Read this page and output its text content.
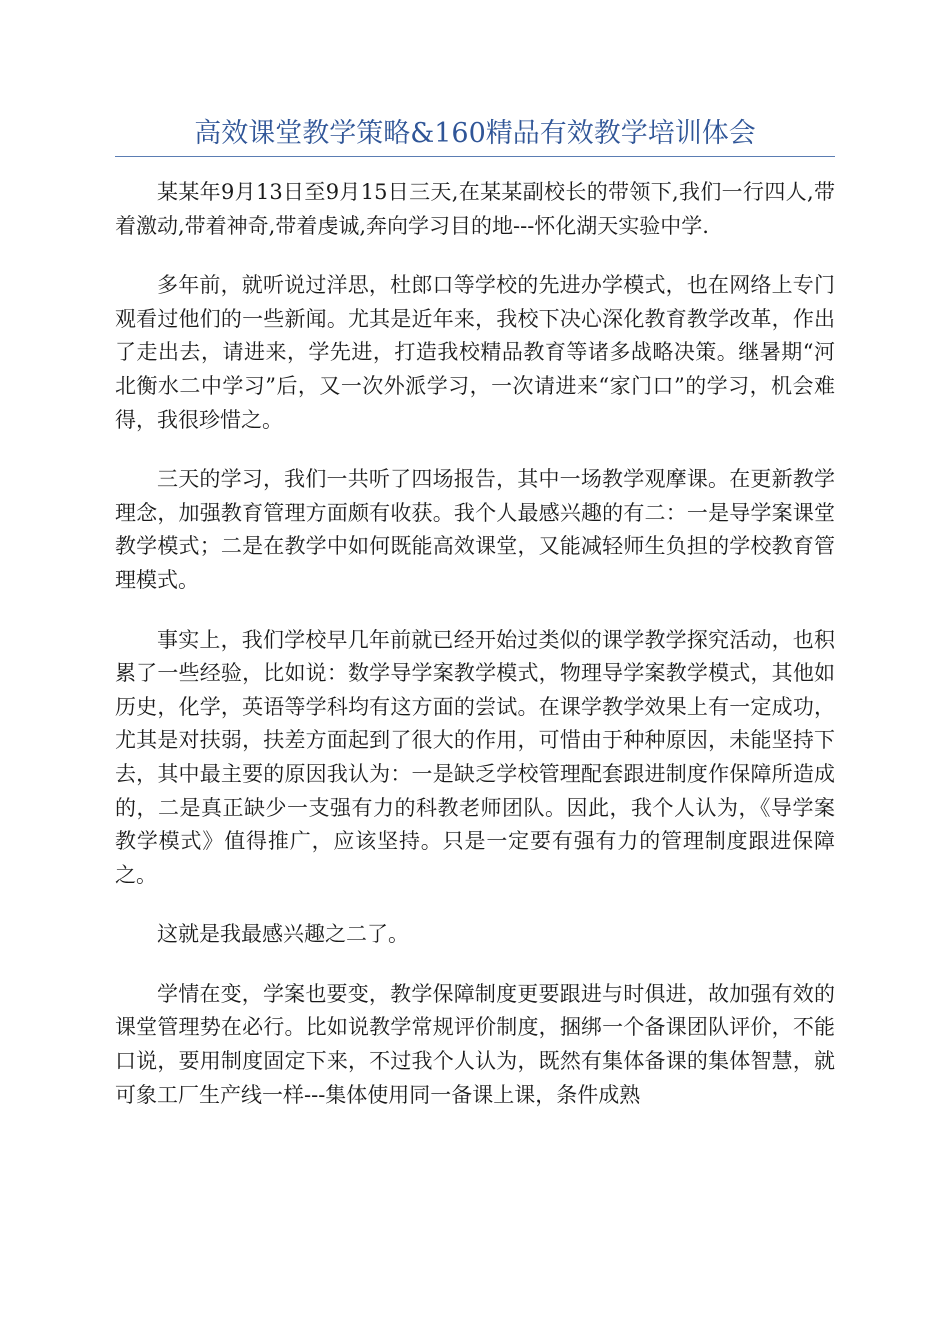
高效课堂教学策略&160精品有效教学培训体会

某某年9月13日至9月15日三天,在某某副校长的带领下,我们一行四人,带着激动,带着神奇,带着虔诚,奔向学习目的地---怀化湖天实验中学.

多年前，就听说过洋思，杜郎口等学校的先进办学模式，也在网络上专门观看过他们的一些新闻。尤其是近年来，我校下决心深化教育教学改革，作出了走出去，请进来，学先进，打造我校精品教育等诸多战略决策。继暑期“河北衡水二中学习”后，又一次外派学习，一次请进来“家门口”的学习，机会难得，我很珍惜之。

三天的学习，我们一共听了四场报告，其中一场教学观摩课。在更新教学理念，加强教育管理方面颇有收获。我个人最感兴趣的有二：一是导学案课堂教学模式；二是在教学中如何既能高效课堂，又能减轻师生负担的学校教育管理模式。

事实上，我们学校早几年前就已经开始过类似的课学教学探究活动，也积累了一些经验，比如说：数学导学案教学模式，物理导学案教学模式，其他如历史，化学，英语等学科均有这方面的尝试。在课学教学效果上有一定成功，尤其是对扶弱，扶差方面起到了很大的作用，可惜由于种种原因，未能坚持下去，其中最主要的原因我认为：一是缺乏学校管理配套跟进制度作保障所造成的，二是真正缺少一支强有力的科教老师团队。因此，我个人认为，《导学案教学模式》值得推广，应该坚持。只是一定要有强有力的管理制度跟进保障之。

这就是我最感兴趣之二了。

学情在变，学案也要变，教学保障制度更要跟进与时俱进，故加强有效的课堂管理势在必行。比如说教学常规评价制度，捆绑一个备课团队评价，不能口说，要用制度固定下来，不过我个人认为，既然有集体备课的集体智慧，就可象工厂生产线一样---集体使用同一备课上课，条件成熟
